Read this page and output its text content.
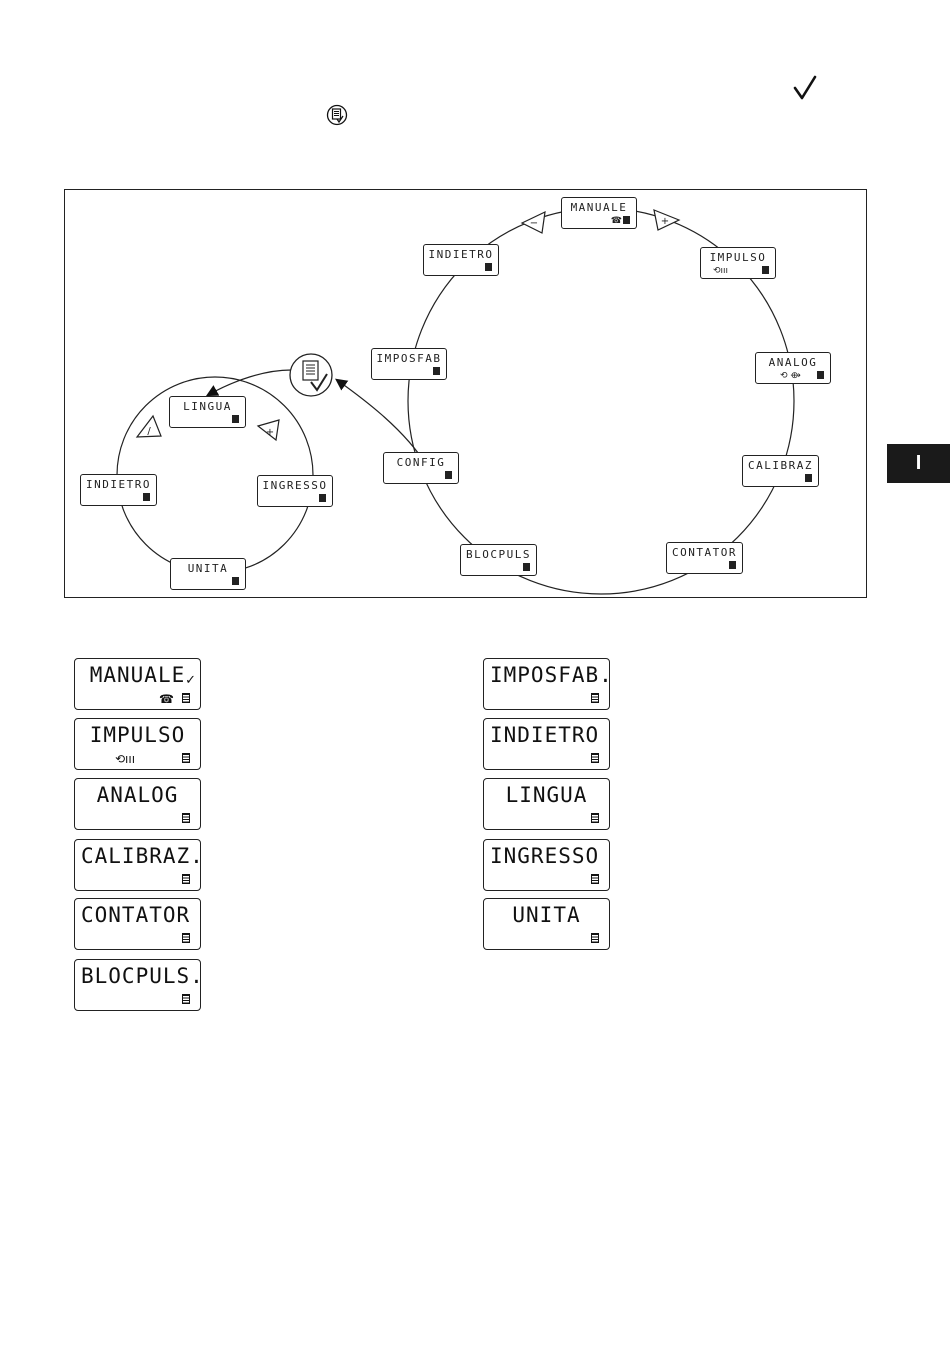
−	+
/	+
MANUALE
☎
IMPULSO
⟲ııı
ANALOG
⟲ ⟴
CALIBRAZ
CONTATOR
BLOCPULS
CONFIG
IMPOSFAB
INDIETRO
LINGUA
INGRESSO
UNITA
INDIETRO
I
MANUALE ✓
☎
IMPULSO
⟲ııı
ANALOG
CALIBRAZ.
CONTATOR
BLOCPULS.
IMPOSFAB.
INDIETRO
LINGUA
INGRESSO
UNITA
